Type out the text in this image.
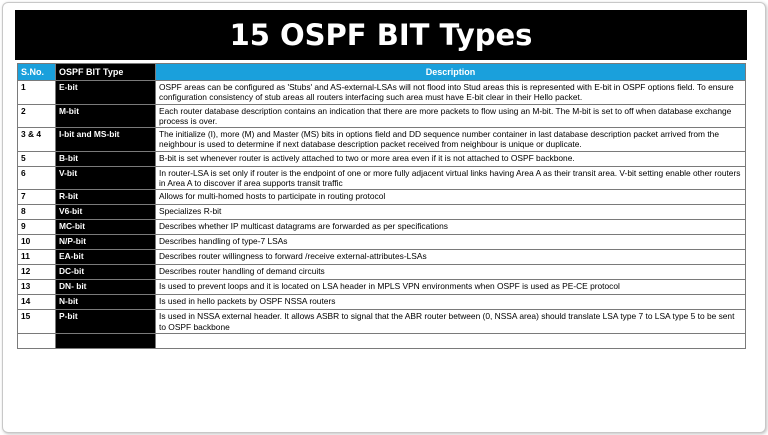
15 OSPF BIT Types
S.No.	OSPF BIT Type	Description
1	E-bit	OSPF areas can be configured as 'Stubs' and AS-external-LSAs will not flood into Stud areas this is represented with E-bit in OSPF options field. To ensure configuration consistency of stub areas all routers interfacing such area must have E-bit clear in their Hello packet.
2	M-bit	Each router database description contains an indication that there are more packets to flow using an M-bit. The M-bit is set to off when database exchange process is over.
3 & 4	I-bit and MS-bit	The initialize (I), more (M) and Master (MS) bits in options field and DD sequence number container in last database description packet arrived from the neighbour is used to determine if next database description packet received from neighbour is unique or duplicate.
5	B-bit	B-bit is set whenever router is actively attached to two or more area even if it is not attached to OSPF backbone.
6	V-bit	In router-LSA is set only if router is the endpoint of one or more fully adjacent virtual links having Area A as their transit area. V-bit setting enable other routers in Area A to discover if area supports transit traffic
7	R-bit	Allows for multi-homed hosts to participate in routing protocol
8	V6-bit	Specializes R-bit
9	MC-bit	Describes whether IP multicast datagrams are forwarded as per specifications
10	N/P-bit	Describes handling of type-7 LSAs
11	EA-bit	Describes router willingness to forward /receive external-attributes-LSAs
12	DC-bit	Describes router handling of demand circuits
13	DN- bit	Is used to prevent loops and it is located on LSA header in MPLS VPN environments when OSPF is used as PE-CE protocol
14	N-bit	Is used in hello packets by OSPF NSSA routers
15	P-bit	Is used in NSSA external header. It allows ASBR to signal that the ABR router between (0, NSSA area) should translate LSA type 7 to LSA type 5 to be sent to OSPF backbone
